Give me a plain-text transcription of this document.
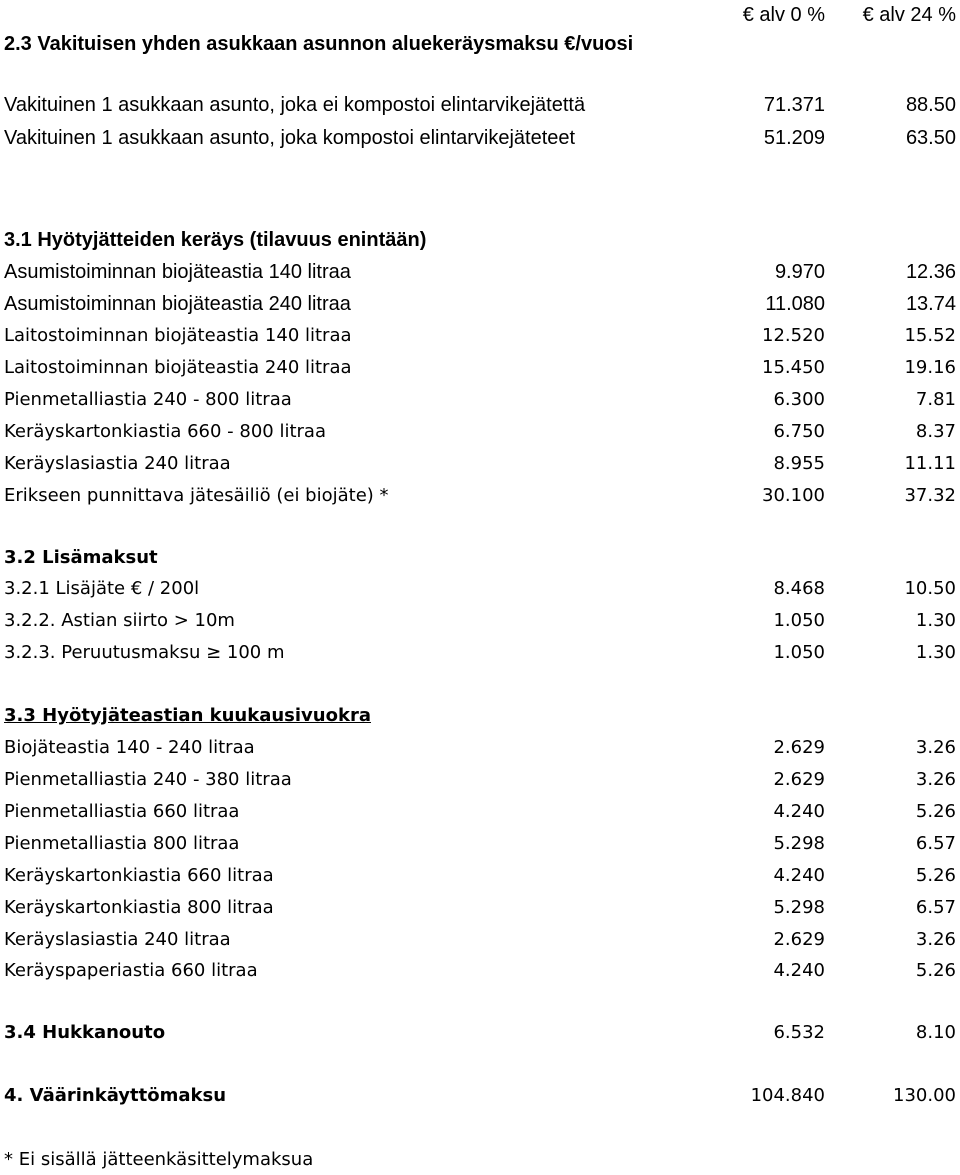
€ alv 0 % € alv 24 %
2.3 Vakituisen yhden asukkaan asunnon aluekeräysmaksu €/vuosi
Vakituinen 1 asukkaan asunto, joka ei kompostoi elintarvikejätettä	71.371	88.50
Vakituinen 1 asukkaan asunto, joka kompostoi elintarvikejäteteet	51.209	63.50
3.1 Hyötyjätteiden keräys (tilavuus enintään)
Asumistoiminnan biojäteastia 140 litraa	9.970	12.36
Asumistoiminnan biojäteastia 240 litraa	11.080	13.74
Laitostoiminnan biojäteastia 140 litraa	12.520	15.52
Laitostoiminnan biojäteastia 240 litraa	15.450	19.16
Pienmetalliastia 240 - 800 litraa	6.300	7.81
Keräyskartonkiastia 660 - 800 litraa	6.750	8.37
Keräyslasiastia 240 litraa	8.955	11.11
Erikseen punnittava jätesäiliö (ei biojäte) *	30.100	37.32
3.2 Lisämaksut
3.2.1 Lisäjäte € / 200l	8.468	10.50
3.2.2. Astian siirto > 10m	1.050	1.30
3.2.3. Peruutusmaksu ≥ 100 m	1.050	1.30
3.3 Hyötyjäteastian kuukausivuokra
Biojäteastia 140 - 240 litraa	2.629	3.26
Pienmetalliastia 240 - 380 litraa	2.629	3.26
Pienmetalliastia 660 litraa	4.240	5.26
Pienmetalliastia 800 litraa	5.298	6.57
Keräyskartonkiastia 660 litraa	4.240	5.26
Keräyskartonkiastia 800 litraa	5.298	6.57
Keräyslasiastia 240 litraa	2.629	3.26
Keräyspaperiastia 660 litraa	4.240	5.26
3.4 Hukkanouto	6.532	8.10
4. Väärinkäyttömaksu	104.840	130.00
* Ei sisällä jätteenkäsittelymaksua
